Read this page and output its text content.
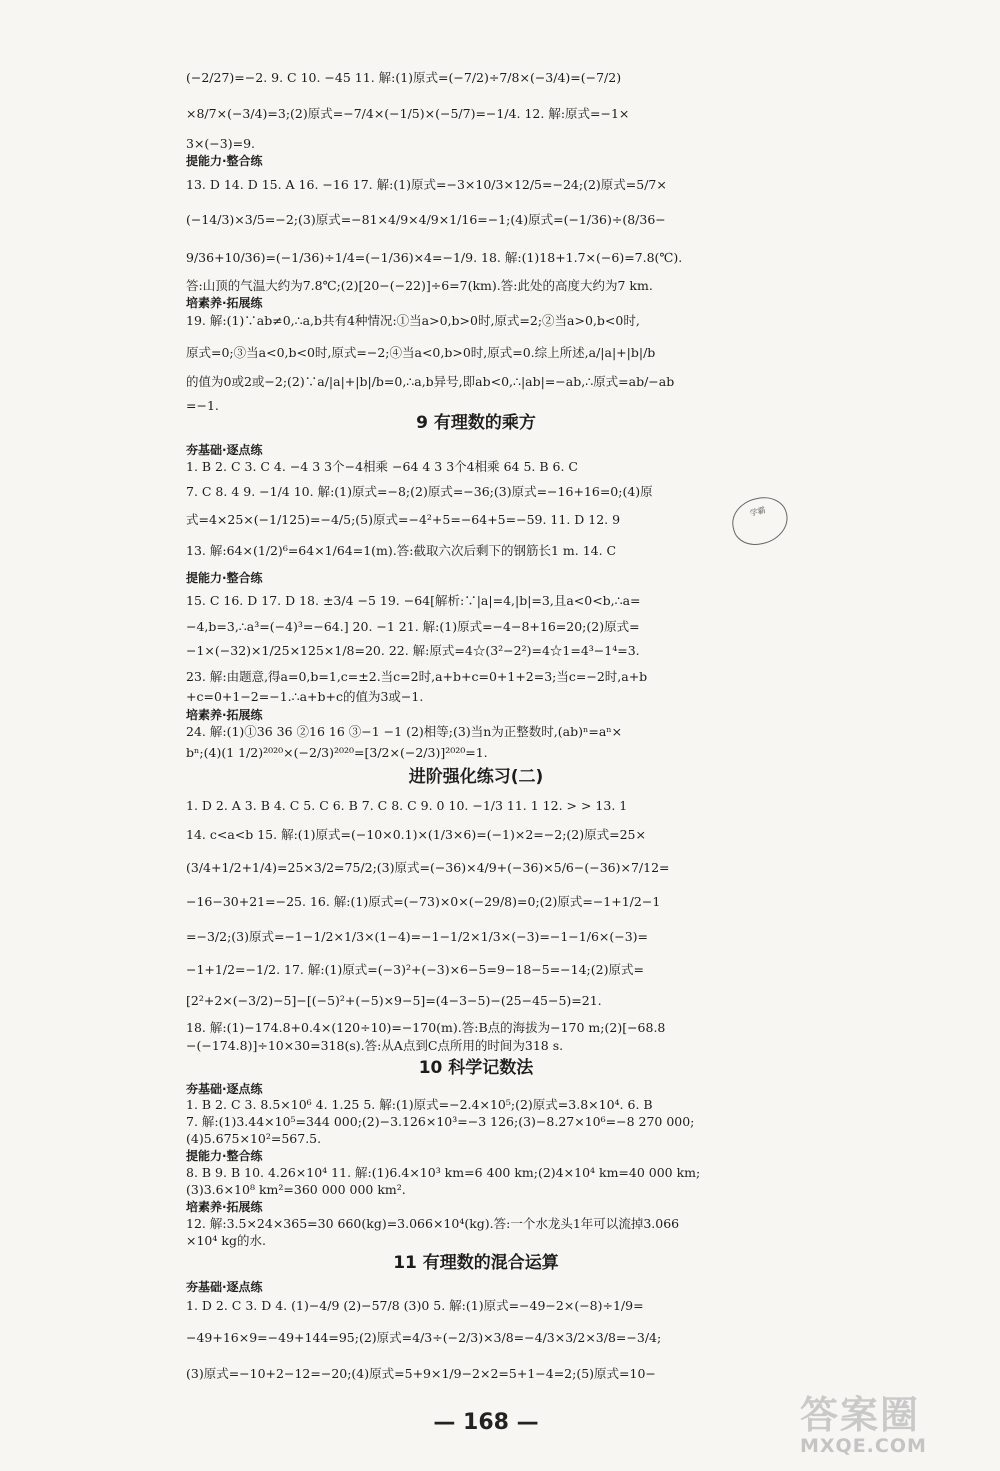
(−2/27)=−2. 9. C 10. −45 11. 解:(1)原式=(−7/2)÷7/8×(−3/4)=(−7/2)
×8/7×(−3/4)=3;(2)原式=−7/4×(−1/5)×(−5/7)=−1/4. 12. 解:原式=−1×
3×(−3)=9.
提能力·整合练
13. D 14. D 15. A 16. −16 17. 解:(1)原式=−3×10/3×12/5=−24;(2)原式=5/7×
(−14/3)×3/5=−2;(3)原式=−81×4/9×4/9×1/16=−1;(4)原式=(−1/36)÷(8/36−
9/36+10/36)=(−1/36)÷1/4=(−1/36)×4=−1/9. 18. 解:(1)18+1.7×(−6)=7.8(℃).
答:山顶的气温大约为7.8℃;(2)[20−(−22)]÷6=7(km).答:此处的高度大约为7 km.
培素养·拓展练
19. 解:(1)∵ab≠0,∴a,b共有4种情况:①当a>0,b>0时,原式=2;②当a>0,b<0时,
原式=0;③当a<0,b<0时,原式=−2;④当a<0,b>0时,原式=0.综上所述,a/|a|+|b|/b
的值为0或2或−2;(2)∵a/|a|+|b|/b=0,∴a,b异号,即ab<0,∴|ab|=−ab,∴原式=ab/−ab
=−1.
9 有理数的乘方
夯基础·逐点练
1. B 2. C 3. C 4. −4 3 3个−4相乘 −64 4 3 3个4相乘 64 5. B 6. C
7. C 8. 4 9. −1/4 10. 解:(1)原式=−8;(2)原式=−36;(3)原式=−16+16=0;(4)原
式=4×25×(−1/125)=−4/5;(5)原式=−4²+5=−64+5=−59. 11. D 12. 9
13. 解:64×(1/2)⁶=64×1/64=1(m).答:截取六次后剩下的钢筋长1 m. 14. C
提能力·整合练
15. C 16. D 17. D 18. ±3/4 −5 19. −64[解析:∵|a|=4,|b|=3,且a<0<b,∴a=
−4,b=3,∴a³=(−4)³=−64.] 20. −1 21. 解:(1)原式=−4−8+16=20;(2)原式=
−1×(−32)×1/25×125×1/8=20. 22. 解:原式=4☆(3²−2²)=4☆1=4³−1⁴=3.
23. 解:由题意,得a=0,b=1,c=±2.当c=2时,a+b+c=0+1+2=3;当c=−2时,a+b
+c=0+1−2=−1.∴a+b+c的值为3或−1.
培素养·拓展练
24. 解:(1)①36 36 ②16 16 ③−1 −1 (2)相等;(3)当n为正整数时,(ab)ⁿ=aⁿ×
bⁿ;(4)(1 1/2)²⁰²⁰×(−2/3)²⁰²⁰=[3/2×(−2/3)]²⁰²⁰=1.
进阶强化练习(二)
1. D 2. A 3. B 4. C 5. C 6. B 7. C 8. C 9. 0 10. −1/3 11. 1 12. > > 13. 1
14. c<a<b 15. 解:(1)原式=(−10×0.1)×(1/3×6)=(−1)×2=−2;(2)原式=25×
(3/4+1/2+1/4)=25×3/2=75/2;(3)原式=(−36)×4/9+(−36)×5/6−(−36)×7/12=
−16−30+21=−25. 16. 解:(1)原式=(−73)×0×(−29/8)=0;(2)原式=−1+1/2−1
=−3/2;(3)原式=−1−1/2×1/3×(1−4)=−1−1/2×1/3×(−3)=−1−1/6×(−3)=
−1+1/2=−1/2. 17. 解:(1)原式=(−3)²+(−3)×6−5=9−18−5=−14;(2)原式=
[2²+2×(−3/2)−5]−[(−5)²+(−5)×9−5]=(4−3−5)−(25−45−5)=21.
18. 解:(1)−174.8+0.4×(120÷10)=−170(m).答:B点的海拔为−170 m;(2)[−68.8
−(−174.8)]÷10×30=318(s).答:从A点到C点所用的时间为318 s.
10 科学记数法
夯基础·逐点练
1. B 2. C 3. 8.5×10⁶ 4. 1.25 5. 解:(1)原式=−2.4×10⁵;(2)原式=3.8×10⁴. 6. B
7. 解:(1)3.44×10⁵=344 000;(2)−3.126×10³=−3 126;(3)−8.27×10⁶=−8 270 000;
(4)5.675×10²=567.5.
提能力·整合练
8. B 9. B 10. 4.26×10⁴ 11. 解:(1)6.4×10³ km=6 400 km;(2)4×10⁴ km=40 000 km;
(3)3.6×10⁸ km²=360 000 000 km².
培素养·拓展练
12. 解:3.5×24×365=30 660(kg)=3.066×10⁴(kg).答:一个水龙头1年可以流掉3.066
×10⁴ kg的水.
11 有理数的混合运算
夯基础·逐点练
1. D 2. C 3. D 4. (1)−4/9 (2)−57/8 (3)0 5. 解:(1)原式=−49−2×(−8)÷1/9=
−49+16×9=−49+144=95;(2)原式=4/3÷(−2/3)×3/8=−4/3×3/2×3/8=−3/4;
(3)原式=−10+2−12=−20;(4)原式=5+9×1/9−2×2=5+1−4=2;(5)原式=10−
学霸
— 168 —	答案圈
MXQE.COM
